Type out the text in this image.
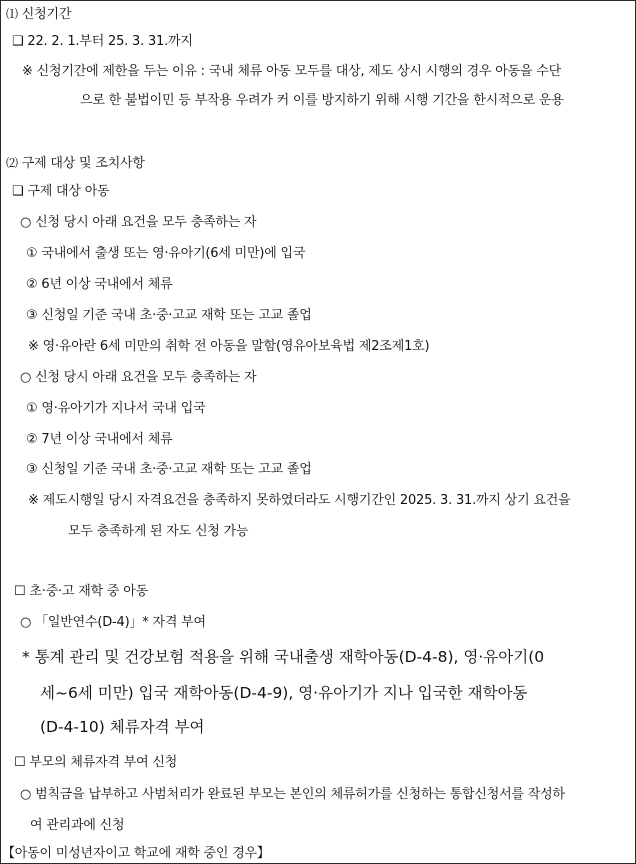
⑴ 신청기간
❑ 22. 2. 1.부터 25. 3. 31.까지
※ 신청기간에 제한을 두는 이유 : 국내 체류 아동 모두를 대상, 제도 상시 시행의 경우 아동을 수단
으로 한 불법이민 등 부작용 우려가 커 이를 방지하기 위해 시행 기간을 한시적으로 운용
⑵ 구제 대상 및 조치사항
❑ 구제 대상 아동
○ 신청 당시 아래 요건을 모두 충족하는 자
① 국내에서 출생 또는 영·유아기(6세 미만)에 입국
② 6년 이상 국내에서 체류
③ 신청일 기준 국내 초·중·고교 재학 또는 고교 졸업
※ 영·유아란 6세 미만의 취학 전 아동을 말함(영유아보육법 제2조제1호)
○ 신청 당시 아래 요건을 모두 충족하는 자
① 영·유아기가 지나서 국내 입국
② 7년 이상 국내에서 체류
③ 신청일 기준 국내 초·중·고교 재학 또는 고교 졸업
※ 제도시행일 당시 자격요건을 충족하지 못하였더라도 시행기간인 2025. 3. 31.까지 상기 요건을
모두 충족하게 된 자도 신청 가능
☐ 초·중·고 재학 중 아동
○ 「일반연수(D-4)」* 자격 부여
* 통계 관리 및 건강보험 적용을 위해 국내출생 재학아동(D-4-8), 영·유아기(0
세~6세 미만) 입국 재학아동(D-4-9), 영·유아기가 지나 입국한 재학아동
(D-4-10) 체류자격 부여
☐ 부모의 체류자격 부여 신청
○ 범칙금을 납부하고 사범처리가 완료된 부모는 본인의 체류허가를 신청하는 통합신청서를 작성하
여 관리과에 신청
【아동이 미성년자이고 학교에 재학 중인 경우】
